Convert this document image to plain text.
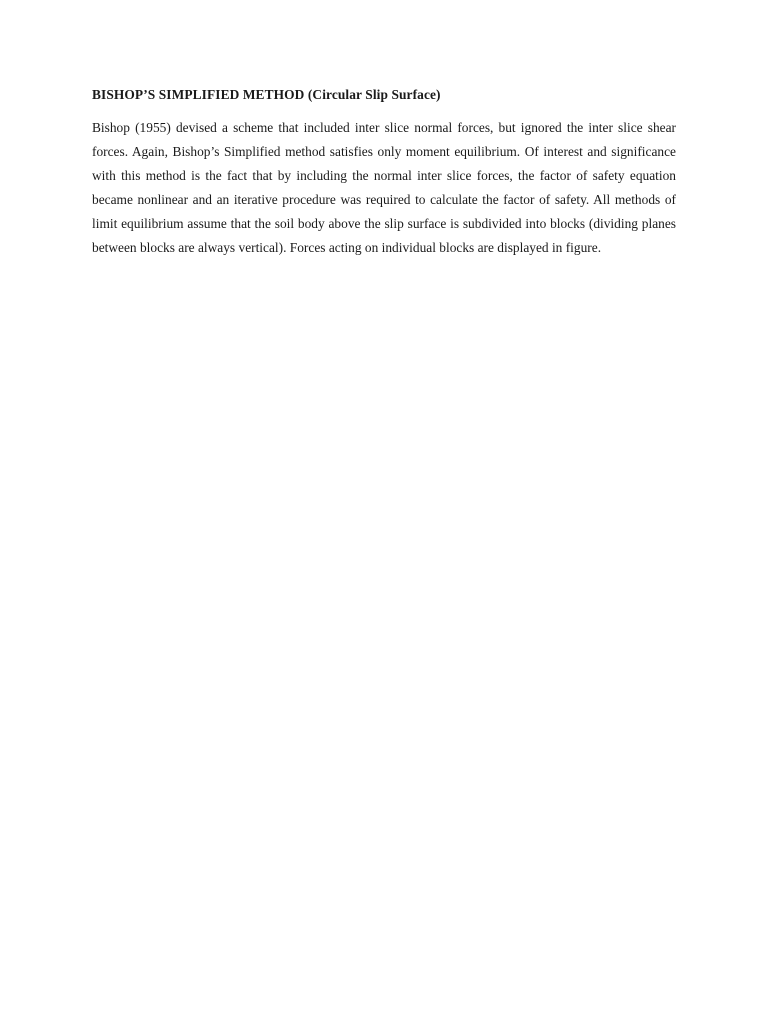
BISHOP’S SIMPLIFIED METHOD (Circular Slip Surface)

Bishop (1955) devised a scheme that included inter slice normal forces, but ignored the inter slice shear forces. Again, Bishop’s Simplified method satisfies only moment equilibrium. Of interest and significance with this method is the fact that by including the normal inter slice forces, the factor of safety equation became nonlinear and an iterative procedure was required to calculate the factor of safety. All methods of limit equilibrium assume that the soil body above the slip surface is subdivided into blocks (dividing planes between blocks are always vertical). Forces acting on individual blocks are displayed in figure.
